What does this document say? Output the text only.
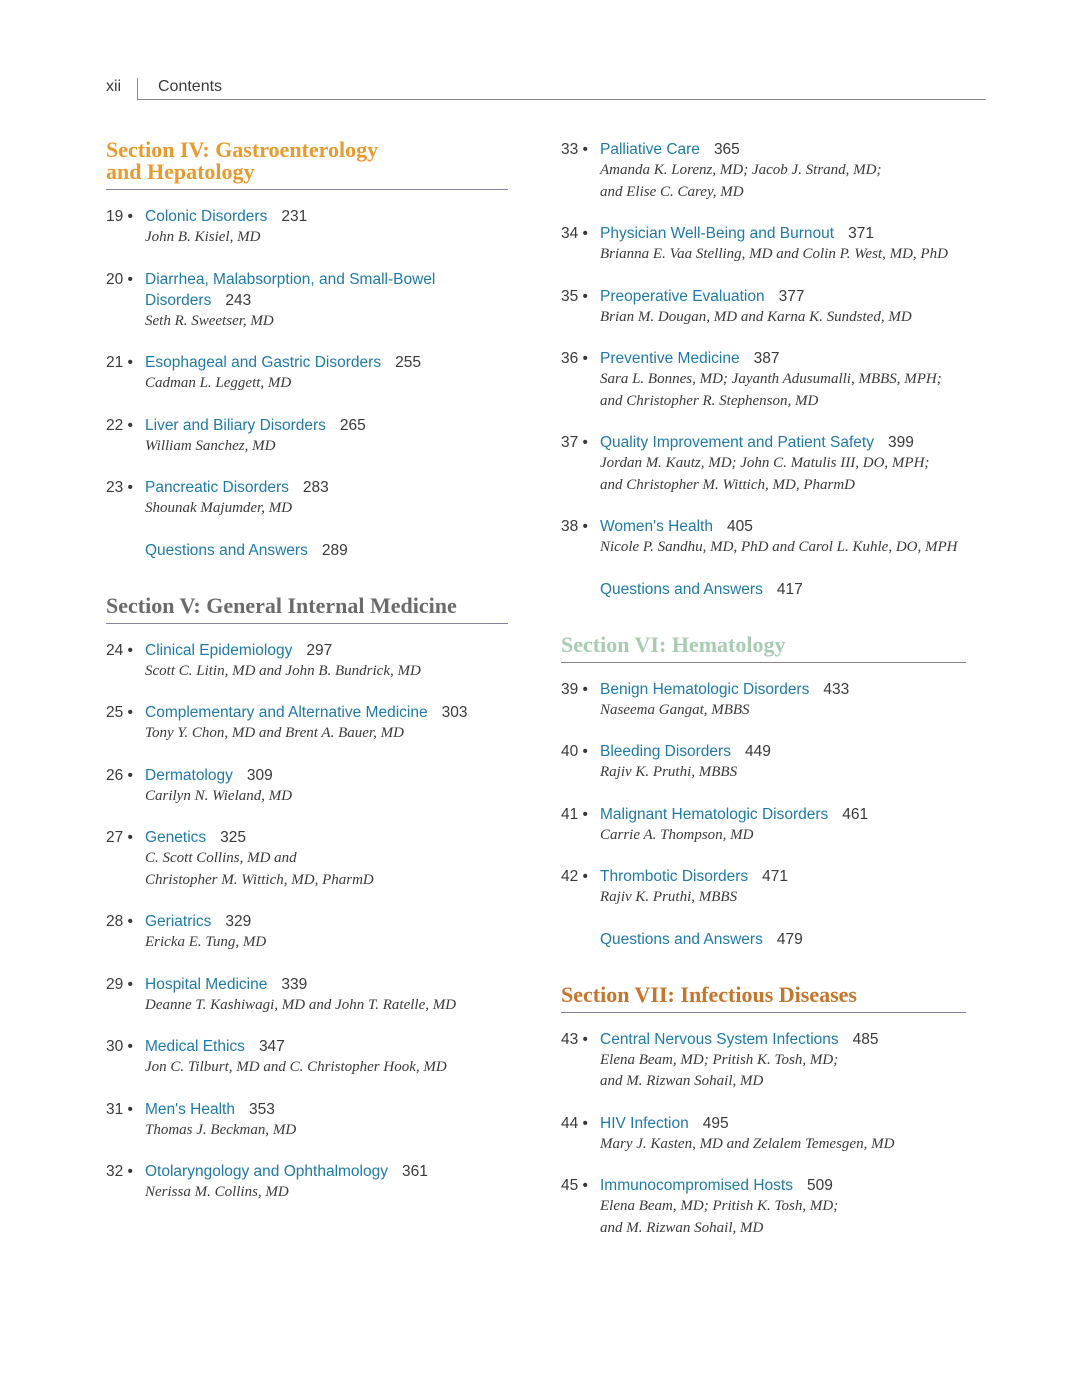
xii Contents
Section IV: Gastroenterology
and Hepatology
19 • Colonic Disorders 231
John B. Kisiel, MD
20 • Diarrhea, Malabsorption, and Small-Bowel
Disorders 243
Seth R. Sweetser, MD
21 • Esophageal and Gastric Disorders 255
Cadman L. Leggett, MD
22 • Liver and Biliary Disorders 265
William Sanchez, MD
23 • Pancreatic Disorders 283
Shounak Majumder, MD
Questions and Answers 289
Section V: General Internal Medicine
24 • Clinical Epidemiology 297
Scott C. Litin, MD and John B. Bundrick, MD
25 • Complementary and Alternative Medicine 303
Tony Y. Chon, MD and Brent A. Bauer, MD
26 • Dermatology 309
Carilyn N. Wieland, MD
27 • Genetics 325
C. Scott Collins, MD and
Christopher M. Wittich, MD, PharmD
28 • Geriatrics 329
Ericka E. Tung, MD
29 • Hospital Medicine 339
Deanne T. Kashiwagi, MD and John T. Ratelle, MD
30 • Medical Ethics 347
Jon C. Tilburt, MD and C. Christopher Hook, MD
31 • Men's Health 353
Thomas J. Beckman, MD
32 • Otolaryngology and Ophthalmology 361
Nerissa M. Collins, MD
33 • Palliative Care 365
Amanda K. Lorenz, MD; Jacob J. Strand, MD;
and Elise C. Carey, MD
34 • Physician Well-Being and Burnout 371
Brianna E. Vaa Stelling, MD and Colin P. West, MD, PhD
35 • Preoperative Evaluation 377
Brian M. Dougan, MD and Karna K. Sundsted, MD
36 • Preventive Medicine 387
Sara L. Bonnes, MD; Jayanth Adusumalli, MBBS, MPH;
and Christopher R. Stephenson, MD
37 • Quality Improvement and Patient Safety 399
Jordan M. Kautz, MD; John C. Matulis III, DO, MPH;
and Christopher M. Wittich, MD, PharmD
38 • Women's Health 405
Nicole P. Sandhu, MD, PhD and Carol L. Kuhle, DO, MPH
Questions and Answers 417
Section VI: Hematology
39 • Benign Hematologic Disorders 433
Naseema Gangat, MBBS
40 • Bleeding Disorders 449
Rajiv K. Pruthi, MBBS
41 • Malignant Hematologic Disorders 461
Carrie A. Thompson, MD
42 • Thrombotic Disorders 471
Rajiv K. Pruthi, MBBS
Questions and Answers 479
Section VII: Infectious Diseases
43 • Central Nervous System Infections 485
Elena Beam, MD; Pritish K. Tosh, MD;
and M. Rizwan Sohail, MD
44 • HIV Infection 495
Mary J. Kasten, MD and Zelalem Temesgen, MD
45 • Immunocompromised Hosts 509
Elena Beam, MD; Pritish K. Tosh, MD;
and M. Rizwan Sohail, MD
